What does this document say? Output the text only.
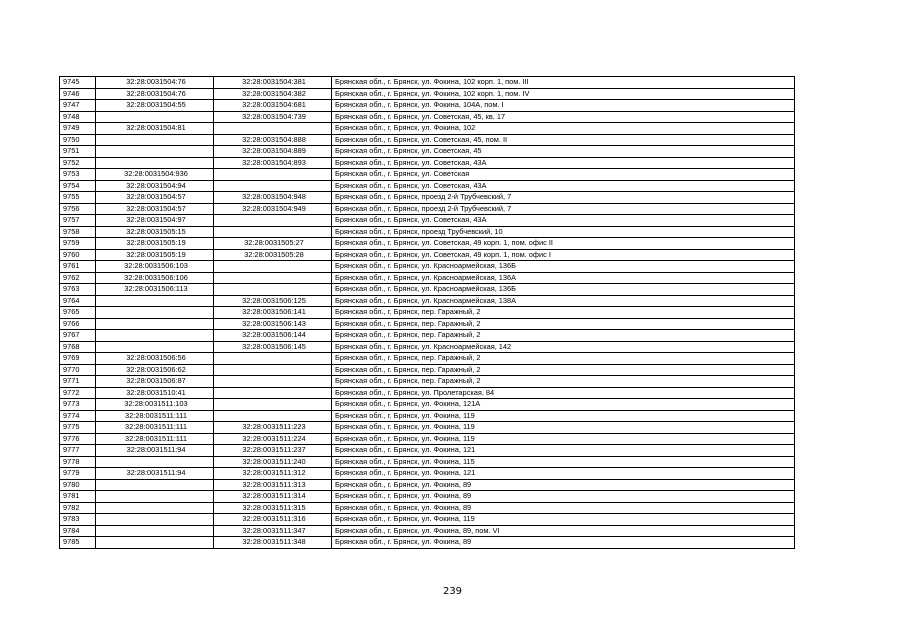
9745	32:28:0031504:76	32:28:0031504:381	Брянская обл., г. Брянск, ул. Фокина, 102 корп. 1, пом. III
9746	32:28:0031504:76	32:28:0031504:382	Брянская обл., г. Брянск, ул. Фокина, 102 корп. 1, пом. IV
9747	32:28:0031504:55	32:28:0031504:681	Брянская обл., г. Брянск, ул. Фокина, 104А, пом. I
9748		32:28:0031504:739	Брянская обл., г. Брянск, ул. Советская, 45, кв. 17
9749	32:28:0031504:81		Брянская обл., г. Брянск, ул. Фокина, 102
9750		32:28:0031504:888	Брянская обл., г. Брянск, ул. Советская, 45, пом. II
9751		32:28:0031504:889	Брянская обл., г. Брянск, ул. Советская, 45
9752		32:28:0031504:893	Брянская обл., г. Брянск, ул. Советская, 43А
9753	32:28:0031504:936		Брянская обл., г. Брянск, ул. Советская
9754	32:28:0031504:94		Брянская обл., г. Брянск, ул. Советская, 43А
9755	32:28:0031504:57	32:28:0031504:948	Брянская обл., г. Брянск, проезд 2-й Трубчевский, 7
9756	32:28:0031504:57	32:28:0031504:949	Брянская обл., г. Брянск, проезд 2-й Трубчевский, 7
9757	32:28:0031504:97		Брянская обл., г. Брянск, ул. Советская, 43А
9758	32:28:0031505:15		Брянская обл., г. Брянск, проезд Трубчевский, 10
9759	32:28:0031505:19	32:28:0031505:27	Брянская обл., г. Брянск, ул. Советская, 49 корп. 1, пом. офис II
9760	32:28:0031505:19	32:28:0031505:28	Брянская обл., г. Брянск, ул. Советская, 49 корп. 1, пом. офис I
9761	32:28:0031506:103		Брянская обл., г. Брянск, ул. Красноармейская, 136Б
9762	32:28:0031506:106		Брянская обл., г. Брянск, ул. Красноармейская, 136А
9763	32:28:0031506:113		Брянская обл., г. Брянск, ул. Красноармейская, 136Б
9764		32:28:0031506:125	Брянская обл., г. Брянск, ул. Красноармейская, 138А
9765		32:28:0031506:141	Брянская обл., г. Брянск, пер. Гаражный, 2
9766		32:28:0031506:143	Брянская обл., г. Брянск, пер. Гаражный, 2
9767		32:28:0031506:144	Брянская обл., г. Брянск, пер. Гаражный, 2
9768		32:28:0031506:145	Брянская обл., г. Брянск, ул. Красноармейская, 142
9769	32:28:0031506:56		Брянская обл., г. Брянск, пер. Гаражный, 2
9770	32:28:0031506:62		Брянская обл., г. Брянск, пер. Гаражный, 2
9771	32:28:0031506:87		Брянская обл., г. Брянск, пер. Гаражный, 2
9772	32:28:0031510:41		Брянская обл., г. Брянск, ул. Пролетарская, 84
9773	32:28:0031511:103		Брянская обл., г. Брянск, ул. Фокина, 121А
9774	32:28:0031511:111		Брянская обл., г. Брянск, ул. Фокина, 119
9775	32:28:0031511:111	32:28:0031511:223	Брянская обл., г. Брянск, ул. Фокина, 119
9776	32:28:0031511:111	32:28:0031511:224	Брянская обл., г. Брянск, ул. Фокина, 119
9777	32:28:0031511:94	32:28:0031511:237	Брянская обл., г. Брянск, ул. Фокина, 121
9778		32:28:0031511:240	Брянская обл., г. Брянск, ул. Фокина, 115
9779	32:28:0031511:94	32:28:0031511:312	Брянская обл., г. Брянск, ул. Фокина, 121
9780		32:28:0031511:313	Брянская обл., г. Брянск, ул. Фокина, 89
9781		32:28:0031511:314	Брянская обл., г. Брянск, ул. Фокина, 89
9782		32:28:0031511:315	Брянская обл., г. Брянск, ул. Фокина, 89
9783		32:28:0031511:316	Брянская обл., г. Брянск, ул. Фокина, 119
9784		32:28:0031511:347	Брянская обл., г. Брянск, ул. Фокина, 89, пом. VI
9785		32:28:0031511:348	Брянская обл., г. Брянск, ул. Фокина, 89
239
